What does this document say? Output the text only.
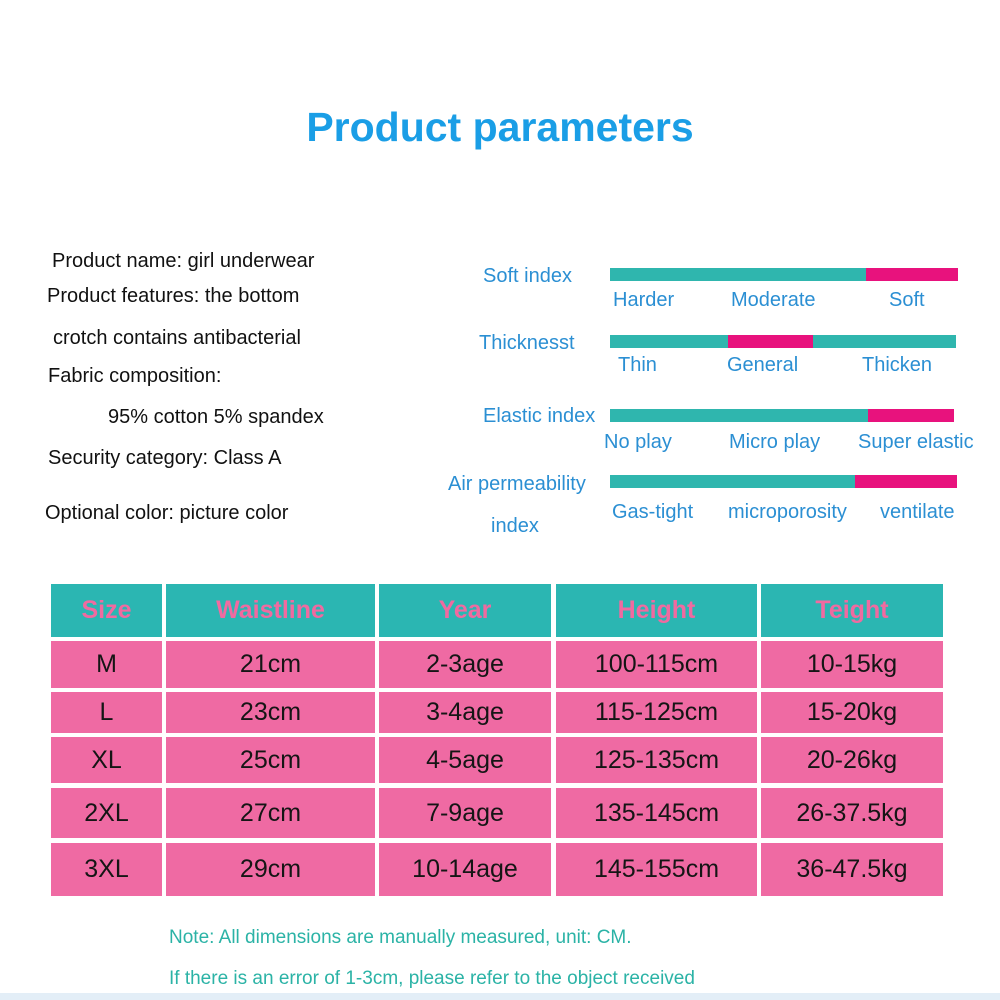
Product parameters
Product name: girl underwear
Product features: the bottom
crotch contains antibacterial
Fabric composition:
95% cotton 5% spandex
Security category: Class A
Optional color: picture color
Soft index
Harder	Moderate	Soft
Thicknesst
Thin	General	Thicken
Elastic index
No play	Micro play Super elastic
Air permeability
index
Gas-tight microporosity ventilate
Size	Waistline	Year	Height	Teight
M	21cm	2-3age	100-115cm	10-15kg
L	23cm	3-4age	115-125cm	15-20kg
XL	25cm	4-5age	125-135cm	20-26kg
2XL	27cm	7-9age	135-145cm	26-37.5kg
3XL	29cm	10-14age	145-155cm	36-47.5kg
Note: All dimensions are manually measured, unit: CM.
If there is an error of 1-3cm, please refer to the object received
